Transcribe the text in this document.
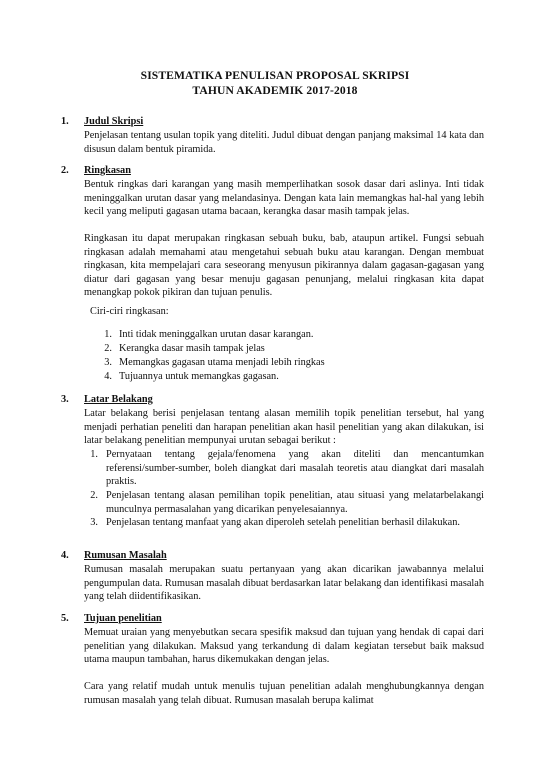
SISTEMATIKA PENULISAN PROPOSAL SKRIPSI
TAHUN AKADEMIK 2017-2018
1. Judul Skripsi

Penjelasan tentang usulan topik yang diteliti. Judul dibuat dengan panjang maksimal 14 kata dan disusun dalam bentuk piramida.

2. Ringkasan

Bentuk ringkas dari karangan yang masih memperlihatkan sosok dasar dari aslinya. Inti tidak meninggalkan urutan dasar yang melandasinya. Dengan kata lain memangkas hal-hal yang lebih kecil yang meliputi gagasan utama bacaan, kerangka dasar masih tampak jelas.

Ringkasan itu dapat merupakan ringkasan sebuah buku, bab, ataupun artikel. Fungsi sebuah ringkasan adalah memahami atau mengetahui sebuah buku atau karangan. Dengan membuat ringkasan, kita mempelajari cara seseorang menyusun pikirannya dalam gagasan-gagasan yang diatur dari gagasan yang besar menuju gagasan penunjang, melalui ringkasan kita dapat menangkap pokok pikiran dan tujuan penulis.

Ciri-ciri ringkasan:

1. Inti tidak meninggalkan urutan dasar karangan.
2. Kerangka dasar masih tampak jelas
3. Memangkas gagasan utama menjadi lebih ringkas
4. Tujuannya untuk memangkas gagasan.
3. Latar Belakang

Latar belakang berisi penjelasan tentang alasan memilih topik penelitian tersebut, hal yang menjadi perhatian peneliti dan harapan penelitian akan hasil penelitian yang akan dilakukan, isi latar belakang penelitian mempunyai urutan sebagai berikut :

1. Pernyataan tentang gejala/fenomena yang akan diteliti dan mencantumkan referensi/sumber-sumber, boleh diangkat dari masalah teoretis atau diangkat dari masalah praktis.
2. Penjelasan tentang alasan pemilihan topik penelitian, atau situasi yang melatarbelakangi munculnya permasalahan yang dicarikan penyelesaiannya.
3. Penjelasan tentang manfaat yang akan diperoleh setelah penelitian berhasil dilakukan.
4. Rumusan Masalah

Rumusan masalah merupakan suatu pertanyaan yang akan dicarikan jawabannya melalui pengumpulan data. Rumusan masalah dibuat berdasarkan latar belakang dan identifikasi masalah yang telah diidentifikasikan.

5. Tujuan penelitian

Memuat uraian yang menyebutkan secara spesifik maksud dan tujuan yang hendak di capai dari penelitian yang dilakukan. Maksud yang terkandung di dalam kegiatan tersebut baik maksud utama maupun tambahan, harus dikemukakan dengan jelas.

Cara yang relatif mudah untuk menulis tujuan penelitian adalah menghubungkannya dengan rumusan masalah yang telah dibuat. Rumusan masalah berupa kalimat
